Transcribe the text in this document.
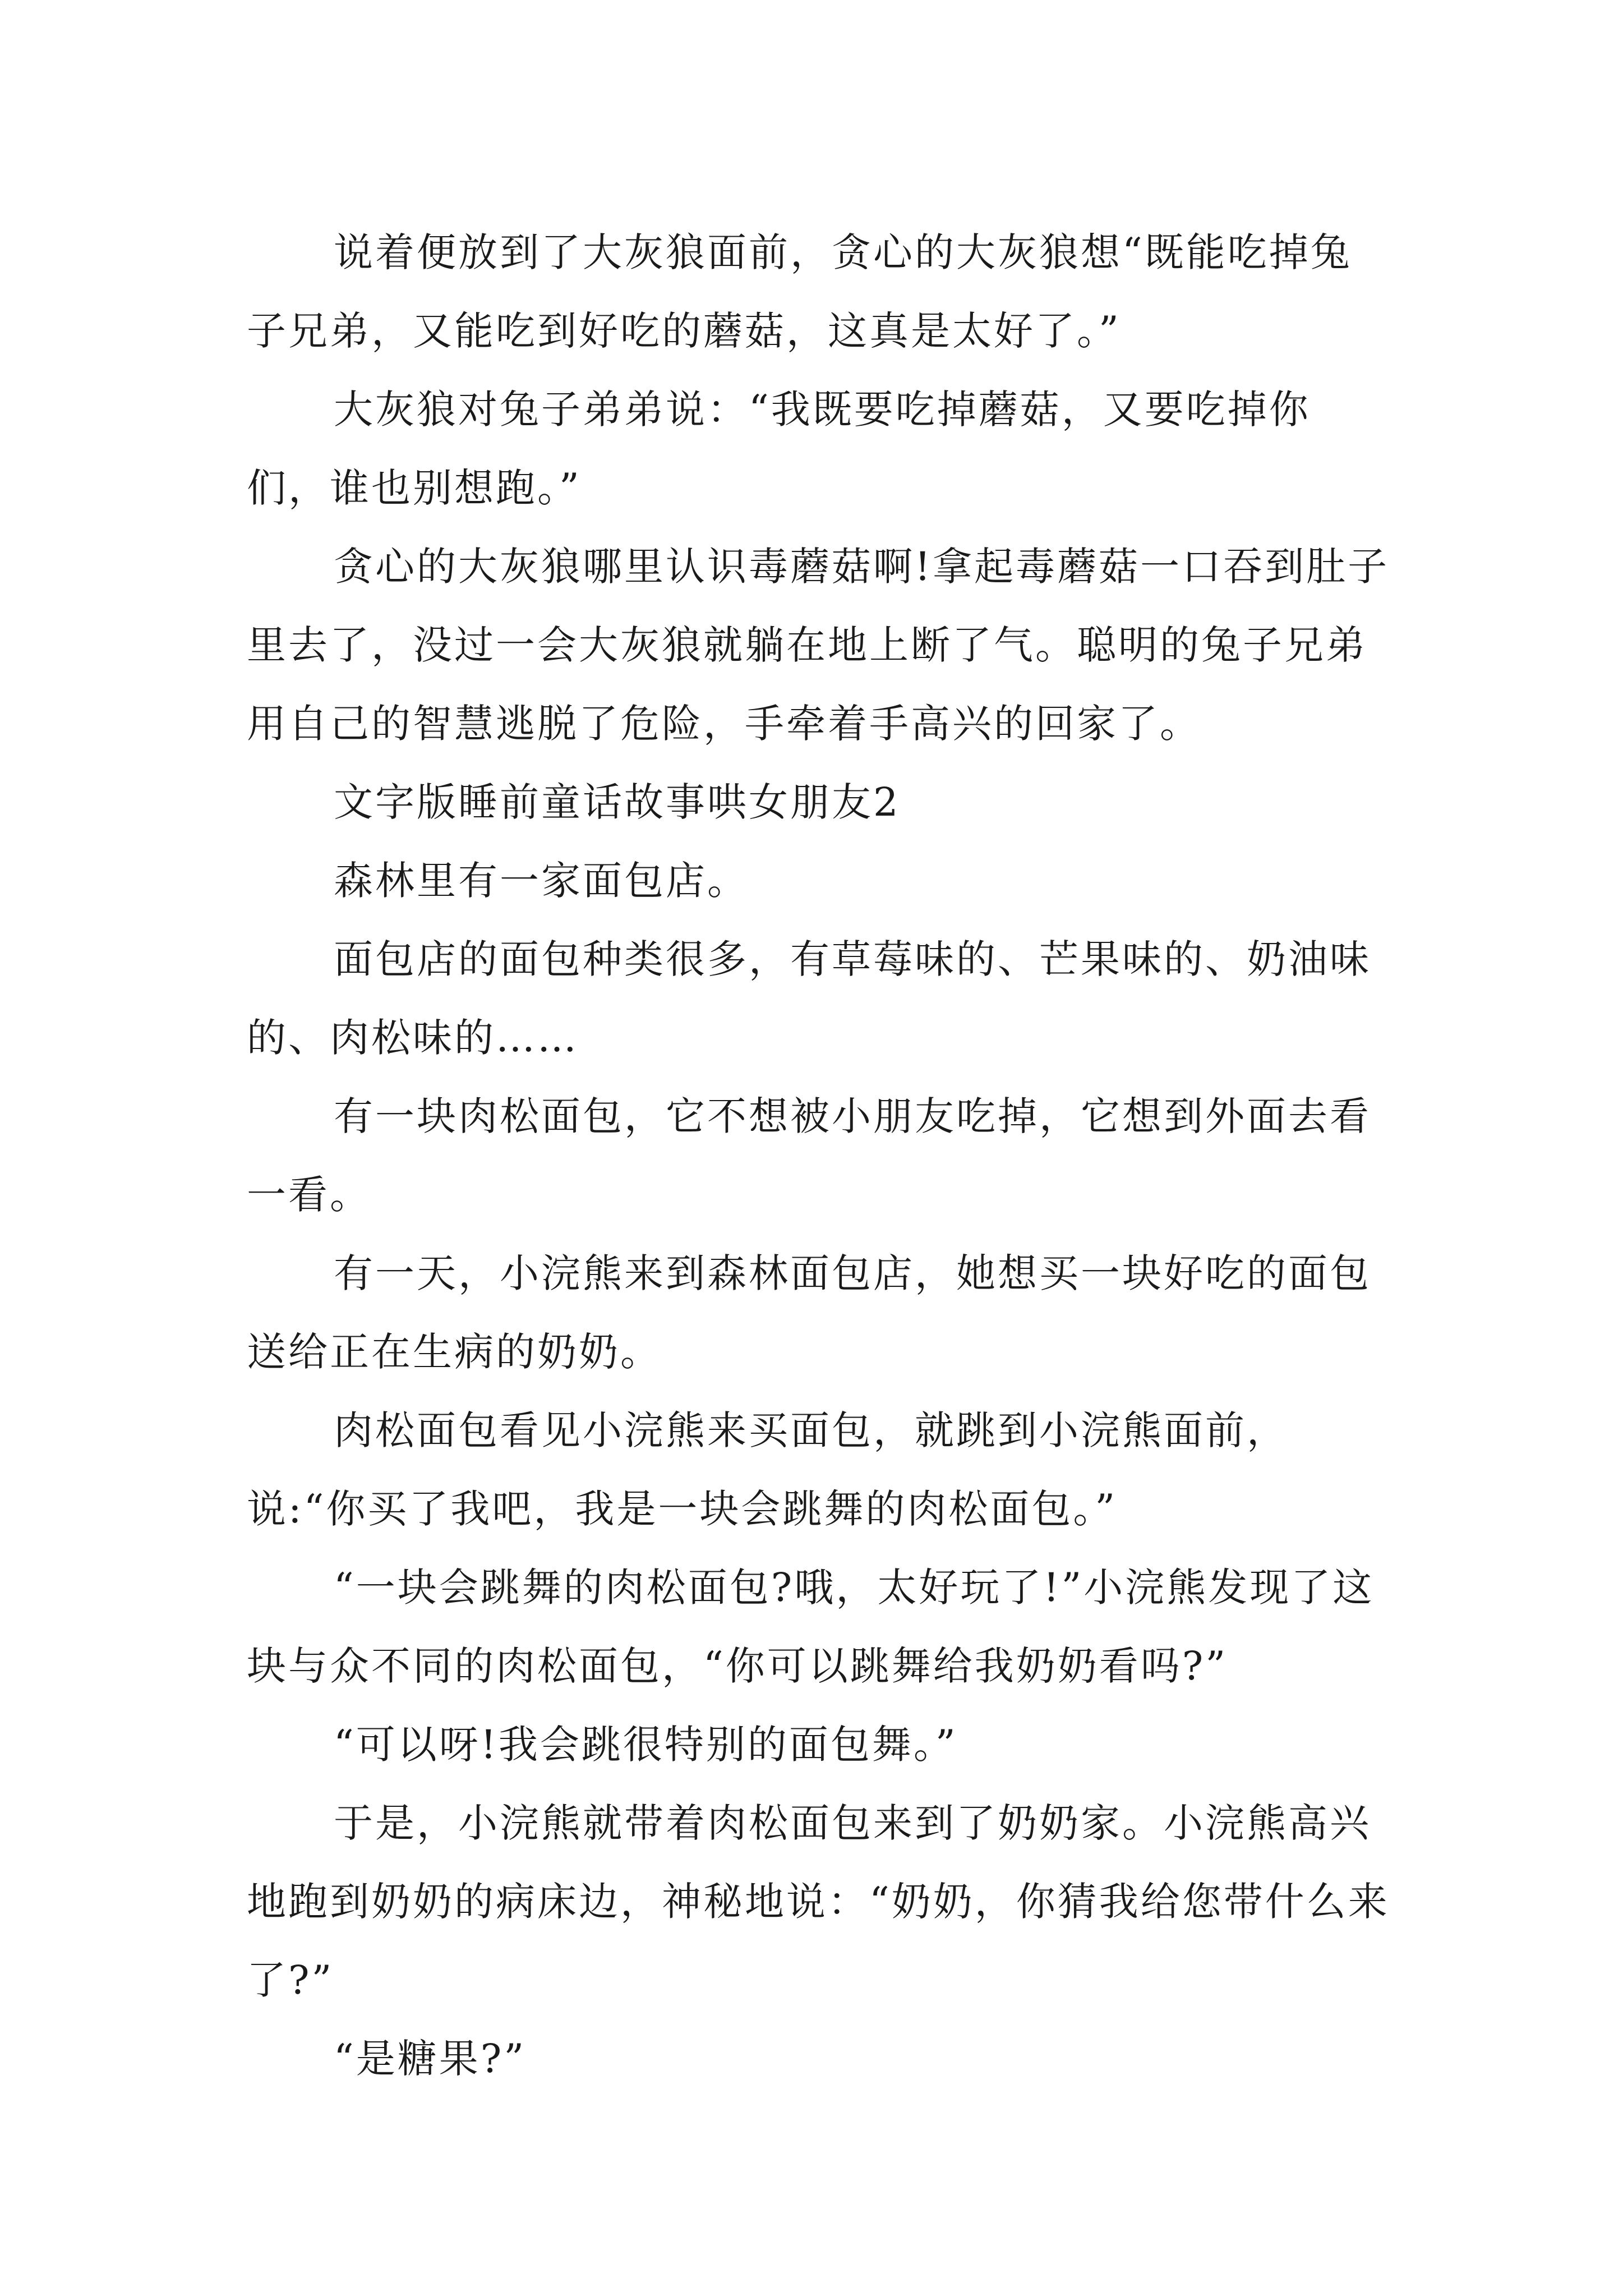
说着便放到了大灰狼面前，贪心的大灰狼想“既能吃掉兔子兄弟，又能吃到好吃的蘑菇，这真是太好了。”

大灰狼对兔子弟弟说：“我既要吃掉蘑菇，又要吃掉你们，谁也别想跑。”

贪心的大灰狼哪里认识毒蘑菇啊!拿起毒蘑菇一口吞到肚子里去了，没过一会大灰狼就躺在地上断了气。聪明的兔子兄弟用自己的智慧逃脱了危险，手牵着手高兴的回家了。

文字版睡前童话故事哄女朋友2

森林里有一家面包店。

面包店的面包种类很多，有草莓味的、芒果味的、奶油味的、肉松味的……

有一块肉松面包，它不想被小朋友吃掉，它想到外面去看一看。

有一天，小浣熊来到森林面包店，她想买一块好吃的面包送给正在生病的奶奶。

肉松面包看见小浣熊来买面包，就跳到小浣熊面前，说:“你买了我吧，我是一块会跳舞的肉松面包。”

“一块会跳舞的肉松面包?哦，太好玩了!”小浣熊发现了这块与众不同的肉松面包，“你可以跳舞给我奶奶看吗?”

“可以呀!我会跳很特别的面包舞。”

于是，小浣熊就带着肉松面包来到了奶奶家。小浣熊高兴地跑到奶奶的病床边，神秘地说：“奶奶，你猜我给您带什么来了?”

“是糖果?”
